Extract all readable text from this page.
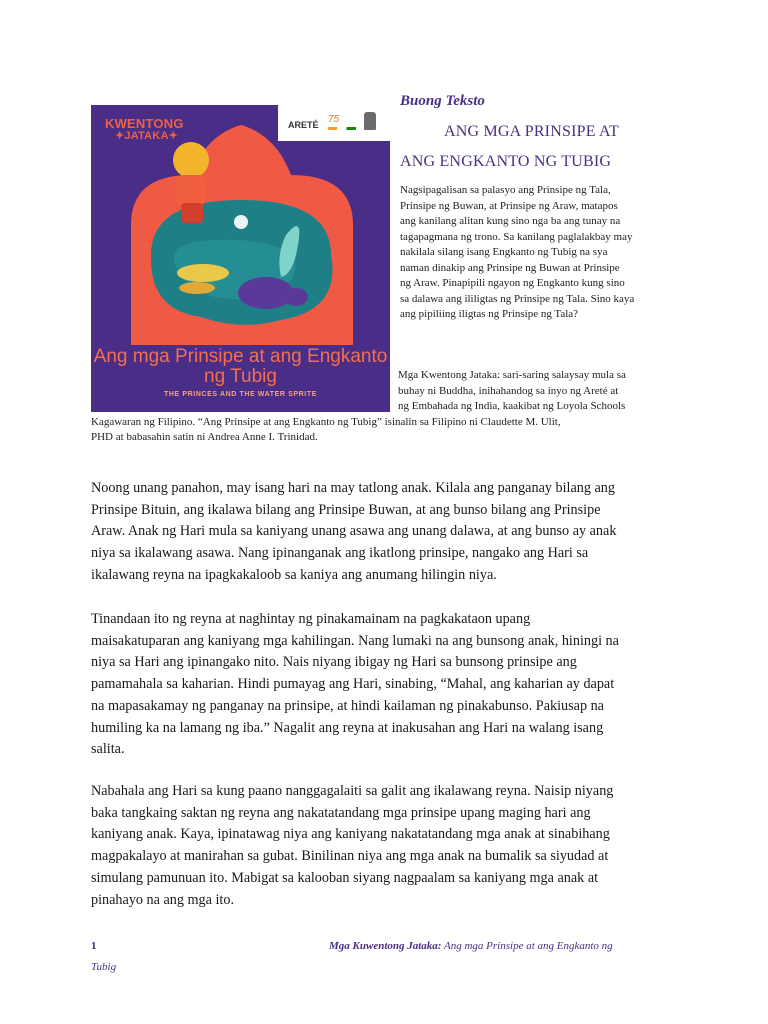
KWENTONG
✦JATAKA✦
ARETÉ 75
Ang mga Prinsipe at ang Engkanto ng Tubig
THE PRINCES AND THE WATER SPRITE
Buong Teksto
ANG MGA PRINSIPE AT
ANG ENGKANTO NG TUBIG
Nagsipagalisan sa palasyo ang Prinsipe ng Tala,
Prinsipe ng Buwan, at Prinsipe ng Araw, matapos
ang kanilang alitan kung sino nga ba ang tunay na
tagapagmana ng trono. Sa kanilang paglalakbay may
nakilala silang isang Engkanto ng Tubig na sya
naman dinakip ang Prinsipe ng Buwan at Prinsipe
ng Araw. Pinapipili ngayon ng Engkanto kung sino
sa dalawa ang ililigtas ng Prinsipe ng Tala. Sino kaya
ang pipiliing iligtas ng Prinsipe ng Tala?
Mga Kwentong Jataka: sari-saring salaysay mula sa
buhay ni Buddha, inihahandog sa inyo ng Areté at
ng Embahada ng India, kaakibat ng Loyola Schools
Kagawaran ng Filipino. “Ang Prinsipe at ang Engkanto ng Tubig” isinalin sa Filipino ni Claudette M. Ulit,
PHD at babasahin satin ni Andrea Anne I. Trinidad.
Noong unang panahon, may isang hari na may tatlong anak. Kilala ang panganay bilang ang
Prinsipe Bituin, ang ikalawa bilang ang Prinsipe Buwan, at ang bunso bilang ang Prinsipe
Araw. Anak ng Hari mula sa kaniyang unang asawa ang unang dalawa, at ang bunso ay anak
niya sa ikalawang asawa. Nang ipinanganak ang ikatlong prinsipe, nangako ang Hari sa
ikalawang reyna na ipagkakaloob sa kaniya ang anumang hilingin niya.
Tinandaan ito ng reyna at naghintay ng pinakamainam na pagkakataon upang
maisakatuparan ang kaniyang mga kahilingan. Nang lumaki na ang bunsong anak, hiningi na
niya sa Hari ang ipinangako nito. Nais niyang ibigay ng Hari sa bunsong prinsipe ang
pamamahala sa kaharian. Hindi pumayag ang Hari, sinabing, “Mahal, ang kaharian ay dapat
na mapasakamay ng panganay na prinsipe, at hindi kailaman ng pinakabunso. Pakiusap na
humiling ka na lamang ng iba.” Nagalit ang reyna at inakusahan ang Hari na walang isang
salita.
Nabahala ang Hari sa kung paano nanggagalaiti sa galit ang ikalawang reyna. Naisip niyang
baka tangkaing saktan ng reyna ang nakatatandang mga prinsipe upang maging hari ang
kaniyang anak. Kaya, ipinatawag niya ang kaniyang nakatatandang mga anak at sinabihang
magpakalayo at manirahan sa gubat. Binilinan niya ang mga anak na bumalik sa siyudad at
simulang pamunuan ito. Mabigat sa kalooban siyang nagpaalam sa kaniyang mga anak at
pinahayo na ang mga ito.
1	Mga Kuwentong Jataka: Ang mga Prinsipe at ang Engkanto ng
Tubig
